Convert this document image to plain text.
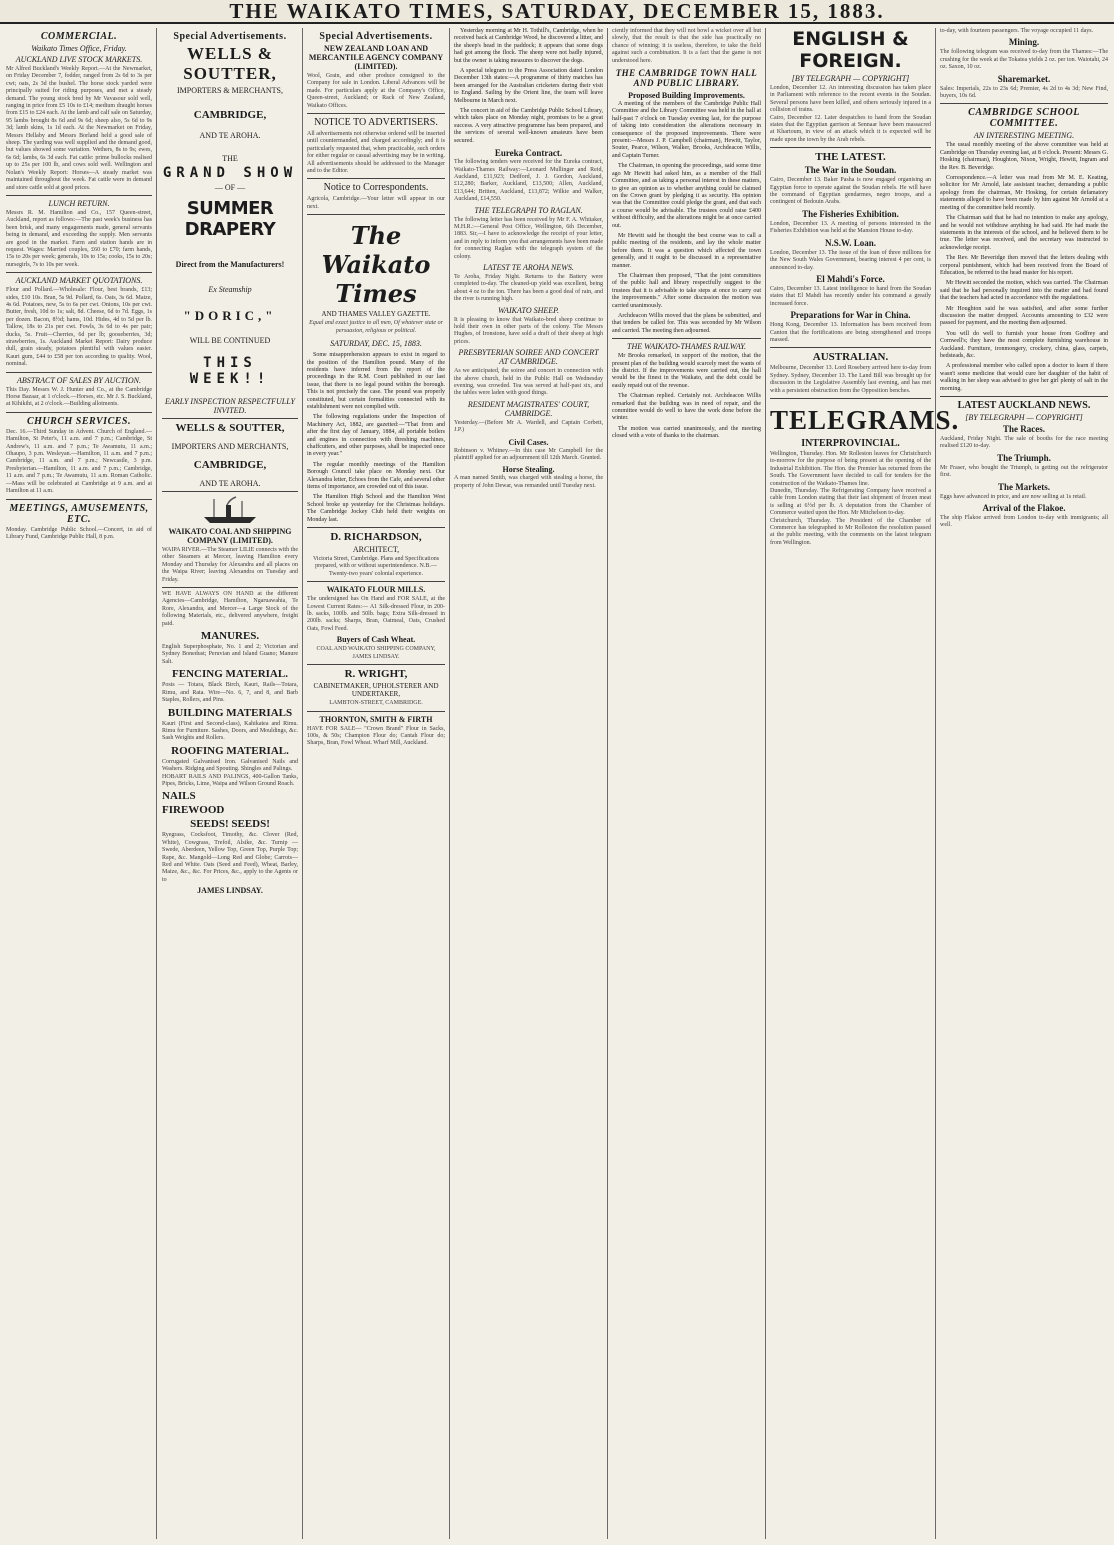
THE WAIKATO TIMES, SATURDAY, DECEMBER 15, 1883.
COMMERCIAL.
Waikato Times Office, Friday.
AUCKLAND LIVE STOCK MARKETS.
Mr Alfred Buckland's Weekly Report.—At the Newmarket, on Friday December 7, fodder, ranged from 2s 6d to 3s per cwt; oats, 2s 3d the bushel. The horse stock yarded were principally suited for riding purposes, and met a steady demand. The young stock bred by Mr Vavasour sold well, ranging in price from £5 10s to £14; medium draught horses from £15 to £24 each. At the lamb and calf sale on Saturday, 95 lambs brought 8s 6d and 9s 6d; sheep also, 5s 6d to 9s 3d; lamb skins, 1s 1d each. At the Newmarket on Friday, Messrs Hellaby and Messrs Borland held a good sale of sheep. The yarding was well supplied and the demand good, but values showed some variation. Wethers, 8s to 9s; ewes, 6s 6d; lambs, 6s 3d each. Fat cattle: prime bullocks realised up to 25s per 100 lb, and cows sold well. Wellington and Nolan's Weekly Report: Horses—A steady market was maintained throughout the week. Fat cattle were in demand and store cattle sold at good prices.
LUNCH RETURN.
Messrs R. M. Hamilton and Co., 157 Queen-street, Auckland, report as follows:—The past week's business has been brisk, and many engagements made, general servants being in demand, and exceeding the supply. Men servants are good in the market. Farm and station hands are in request. Wages: Married couples, £60 to £70; farm hands, 15s to 20s per week; generals, 10s to 15s; cooks, 15s to 20s; nursegirls, 7s to 10s per week.
AUCKLAND MARKET QUOTATIONS.
Flour and Pollard.—Wholesale: Flour, best brands, £13; sides, £10 10s. Bran, 5s 9d. Pollard, 6s. Oats, 3s 6d. Maize, 4s 6d. Potatoes, new, 5s to 6s per cwt. Onions, 10s per cwt. Butter, fresh, 10d to 1s; salt, 8d. Cheese, 6d to 7d. Eggs, 1s per dozen. Bacon, 8½d; hams, 10d. Hides, 4d to 5d per lb. Tallow, 18s to 21s per cwt. Fowls, 3s 6d to 4s per pair; ducks, 5s. Fruit—Cherries, 6d per lb; gooseberries, 3d; strawberries, 1s. Auckland Market Report: Dairy produce dull, grain steady, potatoes plentiful with values easier. Kauri gum, £44 to £58 per ton according to quality. Wool, nominal.
ABSTRACT OF SALES BY AUCTION.
This Day. Messrs W. J. Hunter and Co., at the Cambridge Horse Bazaar, at 1 o'clock.—Horses, etc. Mr J. S. Buckland, at Kihikihi, at 2 o'clock.—Building allotments.
CHURCH SERVICES.
Dec. 16.—Third Sunday in Advent. Church of England.—Hamilton, St Peter's, 11 a.m. and 7 p.m.; Cambridge, St Andrew's, 11 a.m. and 7 p.m.; Te Awamutu, 11 a.m.; Ohaupo, 3 p.m. Wesleyan.—Hamilton, 11 a.m. and 7 p.m.; Cambridge, 11 a.m. and 7 p.m.; Newcastle, 3 p.m. Presbyterian.—Hamilton, 11 a.m. and 7 p.m.; Cambridge, 11 a.m. and 7 p.m.; Te Awamutu, 11 a.m. Roman Catholic.—Mass will be celebrated at Cambridge at 9 a.m. and at Hamilton at 11 a.m.
MEETINGS, AMUSEMENTS, ETC.
Monday. Cambridge Public School.—Concert, in aid of Library Fund, Cambridge Public Hall, 8 p.m.
Special Advertisements.
WELLS & SOUTTER,
IMPORTERS & MERCHANTS,
CAMBRIDGE,
AND TE AROHA.
THE
GRAND SHOW
— OF —
SUMMER DRAPERY
Direct from the Manufacturers!
Ex Steamship
"DORIC,"
WILL BE CONTINUED
THIS WEEK!!
EARLY INSPECTION RESPECTFULLY INVITED.
WELLS & SOUTTER,
IMPORTERS AND MERCHANTS,
CAMBRIDGE,
AND TE AROHA.
WAIKATO COAL AND SHIPPING COMPANY (LIMITED).
WAIPA RIVER.—The Steamer LILIE connects with the other Steamers at Mercer, leaving Hamilton every Monday and Thursday for Alexandra and all places on the Waipa River; leaving Alexandra on Tuesday and Friday.
WE HAVE ALWAYS ON HAND at the different Agencies—Cambridge, Hamilton, Ngaruawahia, Te Rore, Alexandra, and Mercer—a Large Stock of the following Materials, etc., delivered anywhere, freight paid.
MANURES.
English Superphosphate, No. 1 and 2; Victorian and Sydney Bonedust; Peruvian and Island Guano; Manure Salt.
FENCING MATERIAL.
Posts — Totara, Black Birch, Kauri, Rails—Totara, Rimu, and Rata. Wire—No. 6, 7, and 8, and Barb Staples, Rollers, and Pins.
BUILDING MATERIALS
Kauri (First and Second-class), Kahikatea and Rimu. Rimu for Furniture. Sashes, Doors, and Mouldings, &c. Sash Weights and Rollers.
ROOFING MATERIAL.
Corrugated Galvanised Iron. Galvanised Nails and Washers. Ridging and Spouting. Shingles and Palings.
HOBART RAILS AND PALINGS, 400-Gallon Tanks, Pipes, Bricks, Lime, Waipa and Wilson Ground Roach.
NAILS
FIREWOOD
SEEDS! SEEDS!
Ryegrass, Cocksfoot, Timothy, &c. Clover (Red, White), Cowgrass, Trefoil, Alsike, &c. Turnip — Swede, Aberdeen, Yellow Top, Green Top, Purple Top; Rape, &c. Mangold—Long Red and Globe; Carrots—Red and White. Oats (Seed and Feed), Wheat, Barley, Maize, &c., &c. For Prices, &c., apply to the Agents or to
JAMES LINDSAY.
Special Advertisements.
NEW ZEALAND LOAN AND MERCANTILE AGENCY COMPANY (LIMITED).
Wool, Grain, and other produce consigned to the Company for sale in London. Liberal Advances will be made. For particulars apply at the Company's Office, Queen-street, Auckland; or Rack of New Zealand, Waikato Offices.
NOTICE TO ADVERTISERS.
All advertisements not otherwise ordered will be inserted until countermanded, and charged accordingly; and it is particularly requested that, when practicable, such orders for either regular or casual advertising may be in writing. All advertisements should be addressed to the Manager and to the Editor.
Notice to Correspondents.
Agricola, Cambridge.—Your letter will appear in our next.
The Waikato Times
AND THAMES VALLEY GAZETTE.
Equal and exact justice to all men, Of whatever state or persuasion, religious or political.
SATURDAY, DEC. 15, 1883.

Some misapprehension appears to exist in regard to the position of the Hamilton pound. Many of the residents have inferred from the report of the proceedings in the R.M. Court published in our last issue, that there is no legal pound within the borough. This is not precisely the case. The pound was properly constituted, but certain formalities connected with its establishment were not complied with.

The following regulations under the Inspection of Machinery Act, 1882, are gazetted:—"That from and after the first day of January, 1884, all portable boilers and engines in connection with threshing machines, chaffcutters, and other purposes, shall be inspected once in every year."

The regular monthly meetings of the Hamilton Borough Council take place on Monday next. Our Alexandra letter, Echoes from the Cafe, and several other items of importance, are crowded out of this issue.

The Hamilton High School and the Hamilton West School broke up yesterday for the Christmas holidays. The Cambridge Jockey Club held their weights on Monday last.

D. RICHARDSON,
ARCHITECT,
Victoria Street, Cambridge. Plans and Specifications prepared, with or without superintendence. N.B.—Twenty-two years' colonial experience.
WAIKATO FLOUR MILLS.
The undersigned has On Hand and FOR SALE, at the Lowest Current Rates:— A1 Silk-dressed Flour, in 200-lb. sacks, 100lb. and 50lb. bags; Extra Silk-dressed in 200lb. sacks; Sharps, Bran, Oatmeal, Oats, Crushed Oats, Fowl Feed.
Buyers of Cash Wheat.
COAL AND WAIKATO SHIPPING COMPANY, JAMES LINDSAY.
R. WRIGHT,
CABINETMAKER, UPHOLSTERER AND UNDERTAKER,
LAMBTON-STREET, CAMBRIDGE.
THORNTON, SMITH & FIRTH
HAVE FOR SALE— "Crown Brand" Flour in Sacks, 100s, & 50s; Champion Flour do; Cantah Flour do; Sharps, Bran, Fowl Wheat. Wharf Mill, Auckland.

Yesterday morning at Mr H. Tothill's, Cambridge, when he received back at Cambridge Wood, he discovered a litter, and the sheep's head in the paddock; it appears that some dogs had got among the flock. The sheep were not badly injured, but the owner is taking measures to discover the dogs.

A special telegram to the Press Association dated London December 13th states:—A programme of thirty matches has been arranged for the Australian cricketers during their visit to England. Sailing by the Orient line, the team will leave Melbourne in March next.

The concert in aid of the Cambridge Public School Library, which takes place on Monday night, promises to be a great success. A very attractive programme has been prepared, and the services of several well-known amateurs have been secured.

Eureka Contract.
The following tenders were received for the Eureka contract, Waikato-Thames Railway:—Leonard Mullinger and Reid, Auckland, £11,923; Dedford, J. J. Gordon, Auckland, £12,280; Barker, Auckland, £13,500; Allen, Auckland, £13,644; Britten, Auckland, £13,872; Wilkie and Walker, Auckland, £14,550.
THE TELEGRAPH TO RAGLAN.
The following letter has been received by Mr F. A. Whitaker, M.H.R.:—General Post Office, Wellington, 6th December, 1883. Sir,—I have to acknowledge the receipt of your letter, and in reply to inform you that arrangements have been made for connecting Raglan with the telegraph system of the colony.
LATEST TE AROHA NEWS.
Te Aroha, Friday Night. Returns to the Battery were completed to-day. The cleaned-up yield was excellent, being about 4 oz to the ton. There has been a good deal of rain, and the river is running high.
WAIKATO SHEEP.
It is pleasing to know that Waikato-bred sheep continue to hold their own in other parts of the colony. The Messrs Hughes, of Ironstone, have sold a draft of their sheep at high prices.
PRESBYTERIAN SOIREE AND CONCERT AT CAMBRIDGE.
As we anticipated, the soiree and concert in connection with the above church, held in the Public Hall on Wednesday evening, was crowded. Tea was served at half-past six, and the tables were laden with good things.
RESIDENT MAGISTRATES' COURT, CAMBRIDGE.
Yesterday.—(Before Mr A. Wardell, and Captain Corbett, J.P.)
Civil Cases.
Robinson v. Whitney.—In this case Mr Campbell for the plaintiff applied for an adjournment till 12th March. Granted.
Horse Stealing.
A man named Smith, was charged with stealing a horse, the property of John Dewar, was remanded until Tuesday next.
ciently informed that they will not bowl a wicket over all but slowly, that the result is that the side has practically no chance of winning; it is useless, therefore, to take the field against such a combination. It is a fact that the game is not understood here.
THE CAMBRIDGE TOWN HALL AND PUBLIC LIBRARY.
Proposed Building Improvements.

A meeting of the members of the Cambridge Public Hall Committee and the Library Committee was held in the hall at half-past 7 o'clock on Tuesday evening last, for the purpose of taking into consideration the alterations necessary in consequence of the proposed improvements. There were present:—Messrs J. P. Campbell (chairman), Hewitt, Taylor, Souter, Pearce, Wilson, Walker, Brooks, Archdeacon Willis, and Captain Turner.

The Chairman, in opening the proceedings, said some time ago Mr Hewitt had asked him, as a member of the Hall Committee, and as taking a personal interest in these matters, to give an opinion as to whether anything could be claimed on the Crown grant by pledging it as security. His opinion was that the Committee could pledge the grant, and that such a course would be advisable. The trustees could raise £400 without difficulty, and the alterations might be at once carried out.

Mr Hewitt said he thought the best course was to call a public meeting of the residents, and lay the whole matter before them. It was a question which affected the town generally, and it ought to be discussed in a representative manner.

The Chairman then proposed, "That the joint committees of the public hall and library respectfully suggest to the trustees that it is advisable to take steps at once to carry out the improvements." After some discussion the motion was carried unanimously.

Archdeacon Willis moved that the plans be submitted, and that tenders be called for. This was seconded by Mr Wilson and carried. The meeting then adjourned.

THE WAIKATO-THAMES RAILWAY.

Mr Brooks remarked, in support of the motion, that the present plan of the building would scarcely meet the wants of the district. If the improvements were carried out, the hall would be the finest in the Waikato, and the debt could be easily repaid out of the revenue.

The Chairman replied. Certainly not. Archdeacon Willis remarked that the building was in need of repair, and the committee would do well to have the work done before the winter.

The motion was carried unanimously, and the meeting closed with a vote of thanks to the chairman.

ENGLISH & FOREIGN.
[BY TELEGRAPH — COPYRIGHT]
London, December 12. An interesting discussion has taken place in Parliament with reference to the recent events in the Soudan. Several persons have been killed, and others seriously injured in a collision of trains.
Cairo, December 12. Later despatches to hand from the Soudan states that the Egyptian garrison at Sennaar have been massacred at Khartoum, in view of an attack which it is expected will be made upon the town by the Arab rebels.
THE LATEST.
The War in the Soudan.
Cairo, December 13. Baker Pasha is now engaged organising an Egyptian force to operate against the Soudan rebels. He will have the command of Egyptian gendarmes, negro troops, and a contingent of Bedouin Arabs.
The Fisheries Exhibition.
London, December 13. A meeting of persons interested in the Fisheries Exhibition was held at the Mansion House to-day.
N.S.W. Loan.
London, December 13. The issue of the loan of three millions for the New South Wales Government, bearing interest 4 per cent, is announced to-day.
El Mahdi's Force.
Cairo, December 13. Latest intelligence to hand from the Soudan states that El Mahdi has recently under his command a greatly increased force.
Preparations for War in China.
Hong Kong, December 13. Information has been received from Canton that the fortifications are being strengthened and troops massed.
AUSTRALIAN.
Melbourne, December 13. Lord Rosebery arrived here to-day from Sydney. Sydney, December 13. The Land Bill was brought up for discussion in the Legislative Assembly last evening, and has met with a persistent obstruction from the Opposition benches.
TELEGRAMS.
INTERPROVINCIAL.
Wellington, Thursday. Hon. Mr Rolleston leaves for Christchurch to-morrow for the purpose of being present at the opening of the Industrial Exhibition. The Hon. the Premier has returned from the South. The Government have decided to call for tenders for the construction of the Waikato-Thames line.
Dunedin, Thursday. The Refrigerating Company have received a cable from London stating that their last shipment of frozen meat is selling at 6½d per lb. A deputation from the Chamber of Commerce waited upon the Hon. Mr Mitchelson to-day.
Christchurch, Thursday. The President of the Chamber of Commerce has telegraphed to Mr Rolleston the resolution passed at the public meeting, with the comments on the latest telegram from Wellington.
to-day, with fourteen passengers. The voyage occupied 11 days.
Mining.
The following telegram was received to-day from the Thames:—The crushing for the week at the Tokatea yields 2 oz. per ton. Waiotahi, 24 oz. Saxon, 10 oz.
Sharemarket.
Sales: Imperials, 22s to 23s 6d; Premier, 4s 2d to 4s 3d; New Find, buyers, 10s 6d.
CAMBRIDGE SCHOOL COMMITTEE.
AN INTERESTING MEETING.

The usual monthly meeting of the above committee was held at Cambridge on Thursday evening last, at 8 o'clock. Present: Messrs G. Hosking (chairman), Houghton, Nixon, Wright, Hewitt, Ingram and the Rev. B. Beveridge.

Correspondence.—A letter was read from Mr M. E. Keating, solicitor for Mr Arnold, late assistant teacher, demanding a public apology from the chairman, Mr Hosking, for certain defamatory statements alleged to have been made by him against Mr Arnold at a meeting of the committee held recently.

The Chairman said that he had no intention to make any apology, and he would not withdraw anything he had said. He had made the statements in the interests of the school, and he believed them to be true. The letter was received, and the secretary was instructed to acknowledge receipt.

The Rev. Mr Beveridge then moved that the letters dealing with corporal punishment, which had been received from the Board of Education, be referred to the head master for his report.

Mr Hewitt seconded the motion, which was carried. The Chairman said that he had personally inquired into the matter and had found that the teachers had acted in accordance with the regulations.

Mr Houghton said he was satisfied, and after some further discussion the matter dropped. Accounts amounting to £32 were passed for payment, and the meeting then adjourned.

You will do well to furnish your house from Godfrey and Cornwell's; they have the most complete furnishing warehouse in Auckland. Furniture, ironmongery, crockery, china, glass, carpets, bedsteads, &c.

A professional member who called upon a doctor to learn if there wasn't some medicine that would cure her daughter of the habit of walking in her sleep was advised to give her girl plenty of salt in the morning.

LATEST AUCKLAND NEWS.
[BY TELEGRAPH — COPYRIGHT]
The Races.
Auckland, Friday Night. The sale of booths for the race meeting realised £120 to-day.
The Triumph.
Mr Fraser, who bought the Triumph, is getting out the refrigerator first.
The Markets.
Eggs have advanced in price, and are now selling at 1s retail.
Arrival of the Flakoe.
The ship Flakoe arrived from London to-day with immigrants; all well.
